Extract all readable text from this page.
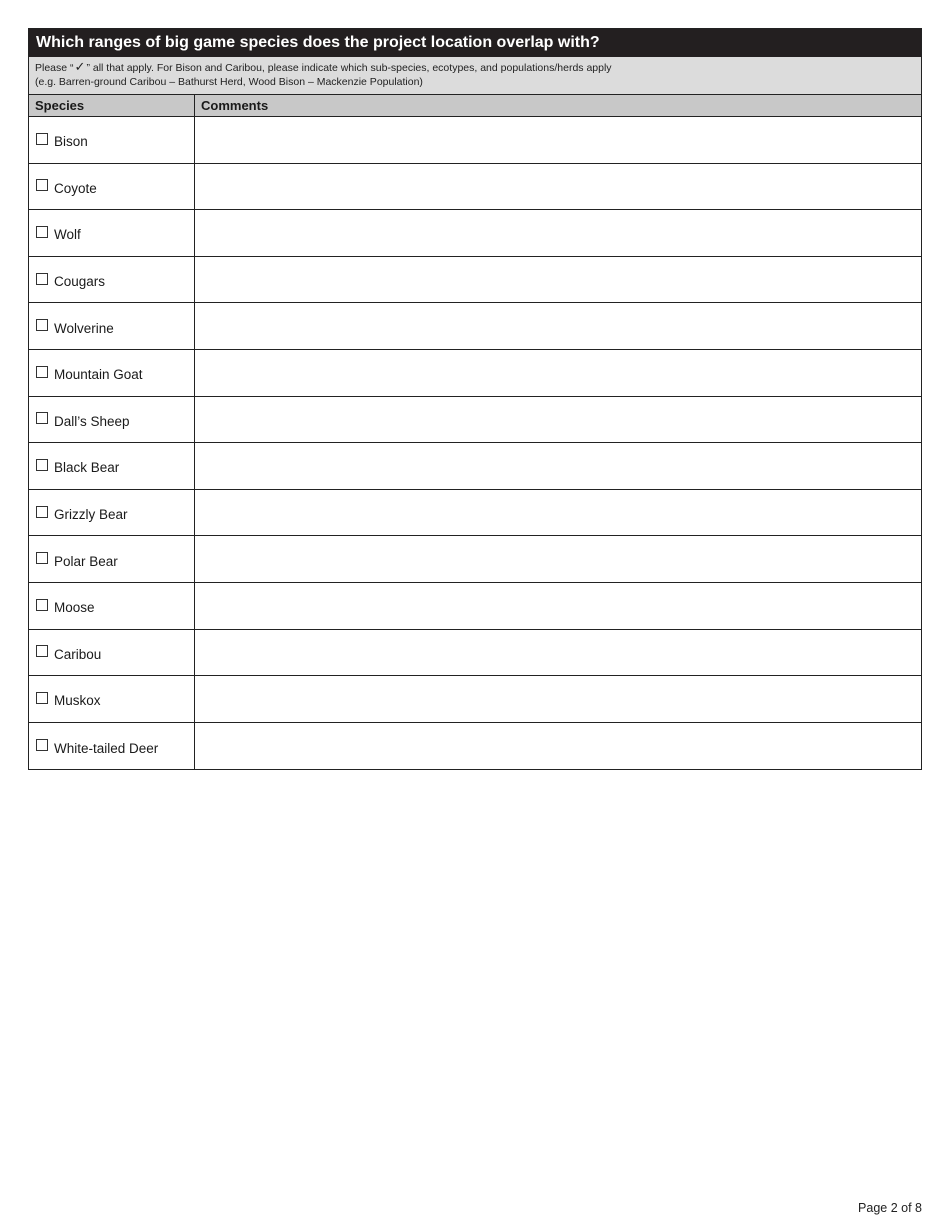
Which ranges of big game species does the project location overlap with?
Please “✓” all that apply. For Bison and Caribou, please indicate which sub-species, ecotypes, and populations/herds apply
(e.g. Barren-ground Caribou – Bathurst Herd, Wood Bison – Mackenzie Population)
Species	Comments
Bison
Coyote
Wolf
Cougars
Wolverine
Mountain Goat
Dall’s Sheep
Black Bear
Grizzly Bear
Polar Bear
Moose
Caribou
Muskox
White-tailed Deer
Page 2 of 8
